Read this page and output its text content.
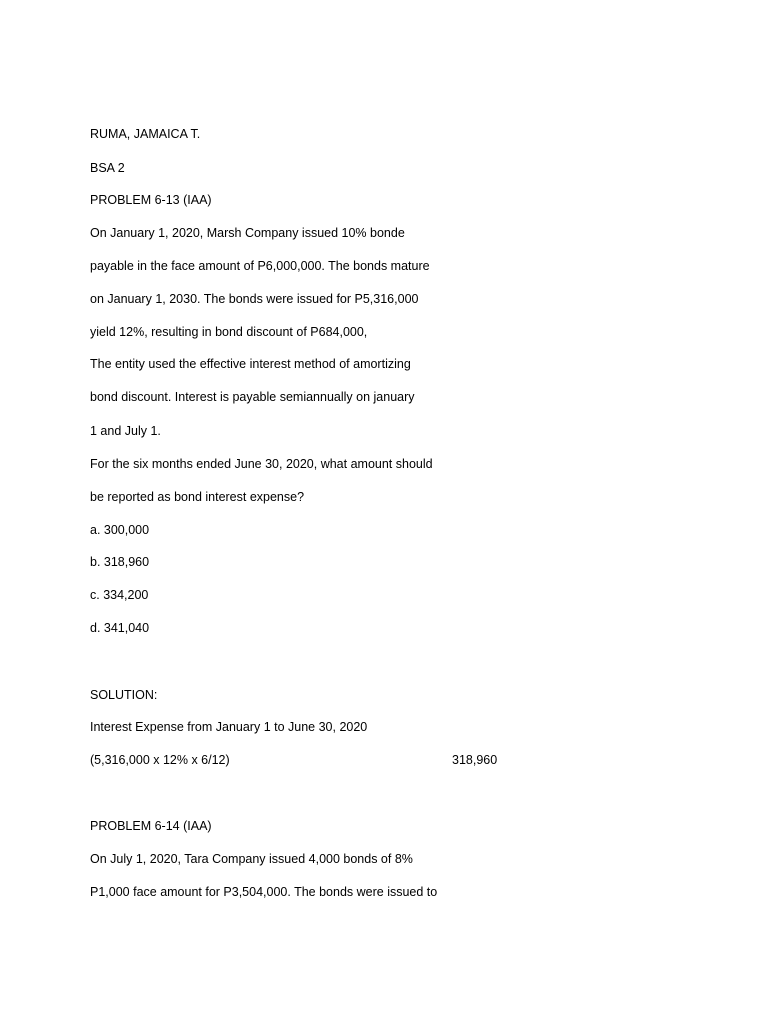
RUMA, JAMAICA T.
BSA 2
PROBLEM 6-13 (IAA)
On January 1, 2020, Marsh Company issued 10% bonde
payable in the face amount of P6,000,000. The bonds mature
on January 1, 2030. The bonds were issued for P5,316,000
yield 12%, resulting in bond discount of P684,000,
The entity used the effective interest method of amortizing
bond discount. Interest is payable semiannually on january
1 and July 1.
For the six months ended June 30, 2020, what amount should
be reported as bond interest expense?
a. 300,000
b. 318,960
c. 334,200
d. 341,040
SOLUTION:
Interest Expense from January 1 to June 30, 2020
(5,316,000 x 12% x 6/12)	318,960
PROBLEM 6-14 (IAA)
On July 1, 2020, Tara Company issued 4,000 bonds of 8%
P1,000 face amount for P3,504,000. The bonds were issued to
